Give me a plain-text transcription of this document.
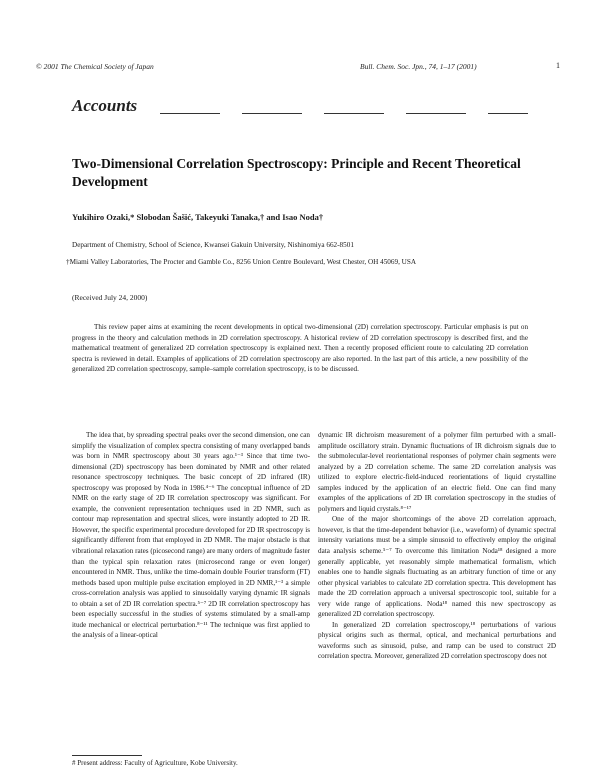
© 2001 The Chemical Society of Japan	Bull. Chem. Soc. Jpn., 74, 1–17 (2001)	1
Accounts
Two-Dimensional Correlation Spectroscopy: Principle and Recent Theoretical Development
Yukihiro Ozaki,* Slobodan Šašić, Takeyuki Tanaka,† and Isao Noda†
Department of Chemistry, School of Science, Kwansei Gakuin University, Nishinomiya 662-8501
†Miami Valley Laboratories, The Procter and Gamble Co., 8256 Union Centre Boulevard, West Chester, OH 45069, USA
(Received July 24, 2000)

This review paper aims at examining the recent developments in optical two-dimensional (2D) correlation spectroscopy. Particular emphasis is put on progress in the theory and calculation methods in 2D correlation spectroscopy. A historical review of 2D correlation spectroscopy is described first, and the mathematical treatment of generalized 2D correlation spectroscopy is explained next. Then a recently proposed efficient route to calculating 2D correlation spectra is reviewed in detail. Examples of applications of 2D correlation spectroscopy are also reported. In the last part of this article, a new possibility of the generalized 2D correlation spectroscopy, sample–sample correlation spectroscopy, is to be discussed.

The idea that, by spreading spectral peaks over the second dimension, one can simplify the visualization of complex spectra consisting of many overlapped bands was born in NMR spectroscopy about 30 years ago.¹⁻³ Since that time two-dimensional (2D) spectroscopy has been dominated by NMR and other related resonance spectroscopy techniques. The basic concept of 2D infrared (IR) spectroscopy was proposed by Noda in 1986.⁴⁻⁶ The conceptual influence of 2D NMR on the early stage of 2D IR correlation spectroscopy was significant. For example, the convenient representation techniques used in 2D NMR, such as contour map representation and spectral slices, were instantly adopted to 2D IR. However, the specific experimental procedure developed for 2D IR spectroscopy is significantly different from that employed in 2D NMR. The major obstacle is that vibrational relaxation rates (picosecond range) are many orders of magnitude faster than the typical spin relaxation rates (microsecond range or even longer) encountered in NMR. Thus, unlike the time-domain double Fourier transform (FT) methods based upon multiple pulse excitation employed in 2D NMR,¹⁻³ a simple cross-correlation analysis was applied to sinusoidally varying dynamic IR signals to obtain a set of 2D IR correlation spectra.⁵⁻⁷ 2D IR correlation spectroscopy has been especially successful in the studies of systems stimulated by a small-amp itude mechanical or electrical perturbation.⁸⁻¹¹ The technique was first applied to the analysis of a linear-optical

dynamic IR dichroism measurement of a polymer film perturbed with a small-amplitude oscillatory strain. Dynamic fluctuations of IR dichroism signals due to the submolecular-level reorientational responses of polymer chain segments were analyzed by a 2D correlation scheme. The same 2D correlation analysis was utilized to explore electric-field-induced reorientations of liquid crystalline samples induced by the application of an electric field. One can find many examples of the applications of 2D IR correlation spectroscopy in the studies of polymers and liquid crystals.⁸⁻¹⁷

One of the major shortcomings of the above 2D correlation approach, however, is that the time-dependent behavior (i.e., waveform) of dynamic spectral intensity variations must be a simple sinusoid to effectively employ the original data analysis scheme.⁵⁻⁷ To overcome this limitation Noda¹⁸ designed a more generally applicable, yet reasonably simple mathematical formalism, which enables one to handle signals fluctuating as an arbitrary function of time or any other physical variables to calculate 2D correlation spectra. This development has made the 2D correlation approach a universal spectroscopic tool, suitable for a very wide range of applications. Noda¹⁸ named this new spectroscopy as generalized 2D correlation spectroscopy.

In generalized 2D correlation spectroscopy,¹⁸ perturbations of various physical origins such as thermal, optical, and mechanical perturbations and waveforms such as sinusoid, pulse, and ramp can be used to construct 2D correlation spectra. Moreover, generalized 2D correlation spectroscopy does not

# Present address: Faculty of Agriculture, Kobe University.
